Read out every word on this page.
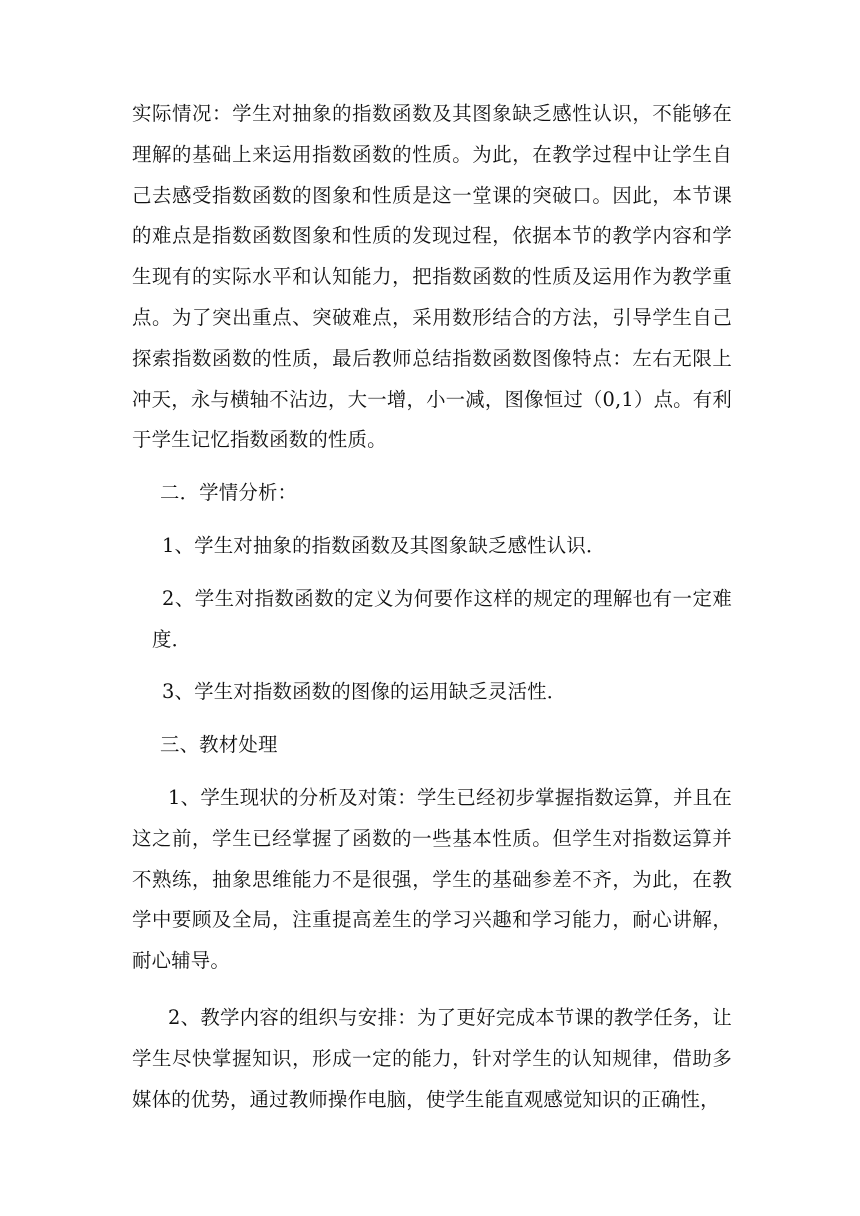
实际情况：学生对抽象的指数函数及其图象缺乏感性认识，不能够在理解的基础上来运用指数函数的性质。为此，在教学过程中让学生自己去感受指数函数的图象和性质是这一堂课的突破口。因此，本节课的难点是指数函数图象和性质的发现过程，依据本节的教学内容和学生现有的实际水平和认知能力，把指数函数的性质及运用作为教学重点。为了突出重点、突破难点，采用数形结合的方法，引导学生自己探索指数函数的性质，最后教师总结指数函数图像特点：左右无限上冲天，永与横轴不沾边，大一增，小一减，图像恒过（0,1）点。有利于学生记忆指数函数的性质。

二．学情分析：

1、学生对抽象的指数函数及其图象缺乏感性认识．

2、学生对指数函数的定义为何要作这样的规定的理解也有一定难度．

3、学生对指数函数的图像的运用缺乏灵活性．

三、教材处理

1、学生现状的分析及对策：学生已经初步掌握指数运算，并且在这之前，学生已经掌握了函数的一些基本性质。但学生对指数运算并不熟练，抽象思维能力不是很强，学生的基础参差不齐，为此，在教学中要顾及全局，注重提高差生的学习兴趣和学习能力，耐心讲解，耐心辅导。

2、教学内容的组织与安排：为了更好完成本节课的教学任务，让学生尽快掌握知识，形成一定的能力，针对学生的认知规律，借助多媒体的优势，通过教师操作电脑，使学生能直观感觉知识的正确性，
